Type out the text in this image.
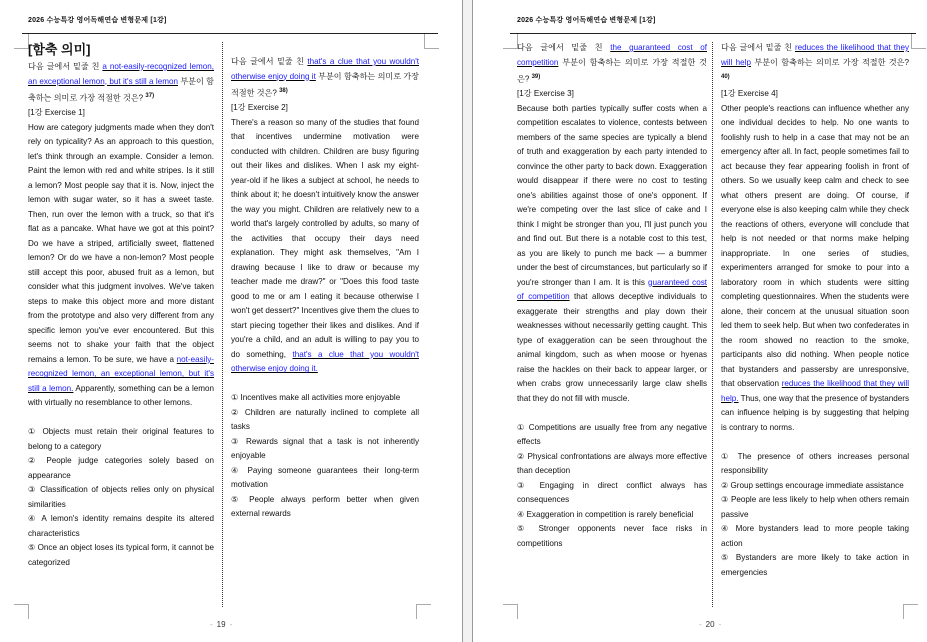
2026 수능특강 영어독해연습 변형문제 [1강]

[함축 의미]

다음 글에서 밑줄 친 a not-easily-recognized lemon, an exceptional lemon, but it's still a lemon 부분이 함축하는 의미로 가장 적절한 것은? $^{37)}$

[1강 Exercise 1]

How are category judgments made when they don't rely on typicality? As an approach to this question, let's think through an example. Consider a lemon. Paint the lemon with red and white stripes. Is it still a lemon? Most people say that it is. Now, inject the lemon with sugar water, so it has a sweet taste. Then, run over the lemon with a truck, so that it's flat as a pancake. What have we got at this point? Do we have a striped, artificially sweet, flattened lemon? Or do we have a non-lemon? Most people still accept this poor, abused fruit as a lemon, but consider what this judgment involves. We've taken steps to make this object more and more distant from the prototype and also very different from any specific lemon you've ever encountered. But this seems not to shake your faith that the object remains a lemon. To be sure, we have a not-easily-recognized lemon, an exceptional lemon, but it's still a lemon. Apparently, something can be a lemon with virtually no resemblance to other lemons.

① Objects must retain their original features to belong to a category

② People judge categories solely based on appearance

③ Classification of objects relies only on physical similarities

④ A lemon's identity remains despite its altered characteristics

⑤ Once an object loses its typical form, it cannot be categorized

다음 글에서 밑줄 친 that's a clue that you wouldn't otherwise enjoy doing it 부분이 함축하는 의미로 가장 적절한 것은? $^{38)}$

[1강 Exercise 2]

There's a reason so many of the studies that found that incentives undermine motivation were conducted with children. Children are busy figuring out their likes and dislikes. When I ask my eight-year-old if he likes a subject at school, he needs to think about it; he doesn't intuitively know the answer the way you might. Children are relatively new to a world that's largely controlled by adults, so many of the activities that occupy their days need explanation. They might ask themselves, "Am I drawing because I like to draw or because my teacher made me draw?" or "Does this food taste good to me or am I eating it because otherwise I won't get dessert?" Incentives give them the clues to start piecing together their likes and dislikes. And if you're a child, and an adult is willing to pay you to do something, that's a clue that you wouldn't otherwise enjoy doing it.

① Incentives make all activities more enjoyable

② Children are naturally inclined to complete all tasks

③ Rewards signal that a task is not inherently enjoyable

④ Paying someone guarantees their long-term motivation

⑤ People always perform better when given external rewards

- 19 -
2026 수능특강 영어독해연습 변형문제 [1강]

다음 글에서 밑줄 친 the guaranteed cost of competition 부분이 함축하는 의미로 가장 적절한 것은? $^{39)}$

[1강 Exercise 3]

Because both parties typically suffer costs when a competition escalates to violence, contests between members of the same species are typically a blend of truth and exaggeration by each party intended to convince the other party to back down. Exaggeration would disappear if there were no cost to testing one's abilities against those of one's opponent. If we're competing over the last slice of cake and I think I might be stronger than you, I'll just punch you and find out. But there is a notable cost to this test, as you are likely to punch me back — a bummer under the best of circumstances, but particularly so if you're stronger than I am. It is this guaranteed cost of competition that allows deceptive individuals to exaggerate their strengths and play down their weaknesses without necessarily getting caught. This type of exaggeration can be seen throughout the animal kingdom, such as when moose or hyenas raise the hackles on their back to appear larger, or when crabs grow unnecessarily large claw shells that they do not fill with muscle.

① Competitions are usually free from any negative effects

② Physical confrontations are always more effective than deception

③ Engaging in direct conflict always has consequences

④ Exaggeration in competition is rarely beneficial

⑤ Stronger opponents never face risks in competitions

다음 글에서 밑줄 친 reduces the likelihood that they will help 부분이 함축하는 의미로 가장 적절한 것은? $^{40)}$

[1강 Exercise 4]

Other people's reactions can influence whether any one individual decides to help. No one wants to foolishly rush to help in a case that may not be an emergency after all. In fact, people sometimes fail to act because they fear appearing foolish in front of others. So we usually keep calm and check to see what others present are doing. Of course, if everyone else is also keeping calm while they check the reactions of others, everyone will conclude that help is not needed or that norms make helping inappropriate. In one series of studies, experimenters arranged for smoke to pour into a laboratory room in which students were sitting completing questionnaires. When the students were alone, their concern at the unusual situation soon led them to seek help. But when two confederates in the room showed no reaction to the smoke, participants also did nothing. When people notice that bystanders and passersby are unresponsive, that observation reduces the likelihood that they will help. Thus, one way that the presence of bystanders can influence helping is by suggesting that helping is contrary to norms.

① The presence of others increases personal responsibility

② Group settings encourage immediate assistance

③ People are less likely to help when others remain passive

④ More bystanders lead to more people taking action

⑤ Bystanders are more likely to take action in emergencies

- 20 -
